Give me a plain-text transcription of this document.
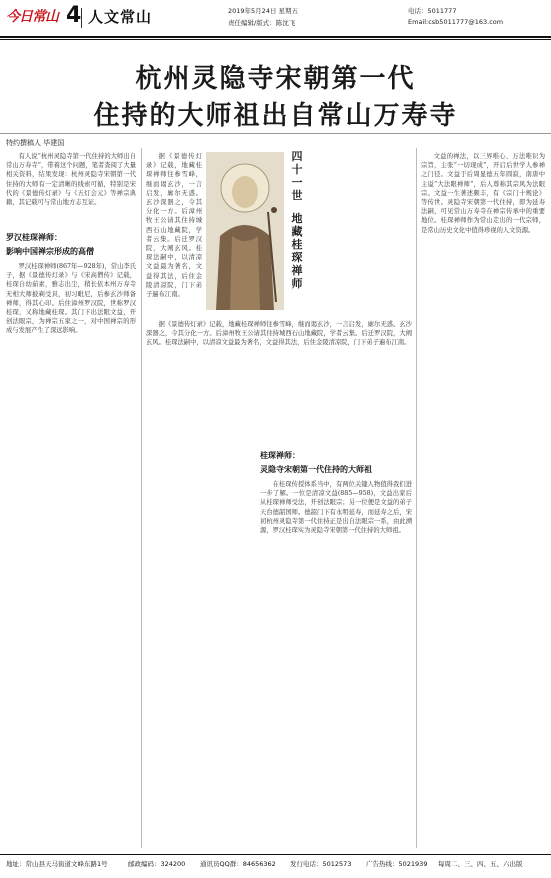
今日常山 4 人文常山	2019年5月24日 星期五
责任编辑/版式：陈沈飞
电话：5011777
Email:csb5011777@163.com
杭州灵隐寺宋朝第一代
住持的大师祖出自常山万寿寺
特约撰稿人 毕建国

有人说“杭州灵隐寺第一代住持的大师出自常山万寿寺”，带着这个问题，笔者查阅了大量相关资料，结果发现：杭州灵隐寺宋朝第一代住持的大师有一定清晰的线索可循，特别是宋代的《景德传灯录》与《五灯会元》等禅宗典籍，其记载可与常山地方志互证。

罗汉桂琛禅师：
影响中国禅宗形成的高僧

罗汉桂琛禅师(867年—928年)，常山李氏子，据《景德传灯录》与《宋高僧传》记载，桂琛自幼茹素，雅志出尘，稍长依本州万寿寺无相大师披剃受具，初习毗尼，后参玄沙师备禅师，得其心印。后住漳州罗汉院，世称罗汉桂琛，又称地藏桂琛。其门下出法眼文益，开创法眼宗，为禅宗五家之一，对中国禅宗的形成与发展产生了深远影响。

据《景德传灯录》记载，地藏桂琛禅师往参雪峰，继而谒玄沙，一言启发，廓尔无惑。玄沙深器之，令其分化一方。后漳州牧王公请其住持城西石山地藏院，学者云集。后迁罗汉院，大阐玄风。桂琛法嗣中，以清凉文益最为著名，文益得其法，后住金陵清凉院，门下弟子遍布江南。

四
十
一
世
地
藏
桂
琛
禅
师

据《景德传灯录》记载，地藏桂琛禅师往参雪峰，继而谒玄沙，一言启发，廓尔无惑。玄沙深器之，令其分化一方。后漳州牧王公请其住持城西石山地藏院，学者云集。后迁罗汉院，大阐玄风。桂琛法嗣中，以清凉文益最为著名，文益得其法，后住金陵清凉院，门下弟子遍布江南。

桂琛禅师：
灵隐寺宋朝第一代住持的大师祖

在桂琛传授体系当中，有两位关键人物值得我们进一步了解。一位是清凉文益(885—958)，文益出家后从桂琛禅师受法，开创法眼宗；另一位便是文益的弟子天台德韶国师。德韶门下有永明延寿，而延寿之后，宋初杭州灵隐寺第一代住持正是出自法眼宗一系，由此溯源，罗汉桂琛实为灵隐寺宋朝第一代住持的大师祖。

文益的禅法，以三界唯心、万法唯识为宗旨，主张“一切现成”，开启后世学人参禅之门径。文益于后周显德五年圆寂，南唐中主谥“大法眼禅师”，后人尊称其宗风为法眼宗。文益一生著述颇丰，有《宗门十规论》等传世。灵隐寺宋朝第一代住持，即为延寿法嗣，可见常山万寿寺在禅宗传承中的重要地位。桂琛禅师作为常山走出的一代宗师，是常山历史文化中值得珍视的人文资源。

地址：常山县天马街道文峰东路1号	邮政编码：324200 通讯员QQ群：84656362 发行电话：5012573 广告热线：5021939 每周二、三、四、五、六出版
